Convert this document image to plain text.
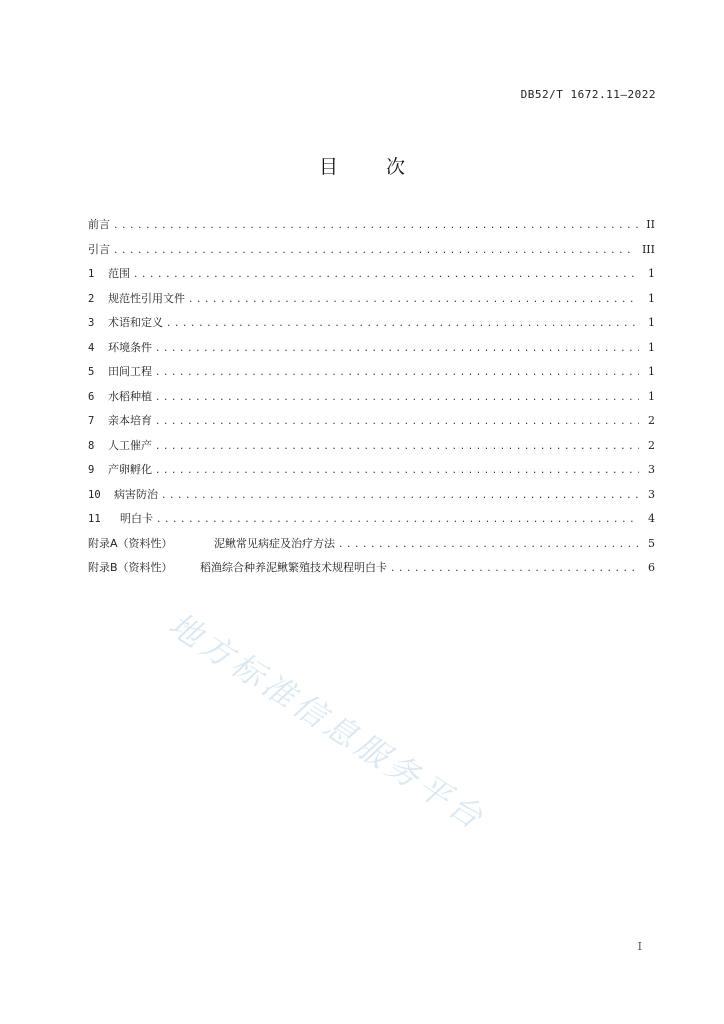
DB52/T 1672.11—2022
目	次
前言 .....	II
引言 .....	III
1 范围 .....	1
2 规范性引用文件 .....	1
3 术语和定义 .....	1
4 环境条件 .....	1
5 田间工程 .....	1
6 水稻种植 .....	1
7 亲本培育 .....	2
8 人工催产 .....	2
9 产卵孵化 .....	3
10 病害防治 .....	3
11 明白卡 .....	4
附录A（资料性）	泥鳅常见病症及治疗方法 .....	5
附录B（资料性） 稻渔综合种养泥鳅繁殖技术规程明白卡 .....	6
地方标准信息服务平台
I
